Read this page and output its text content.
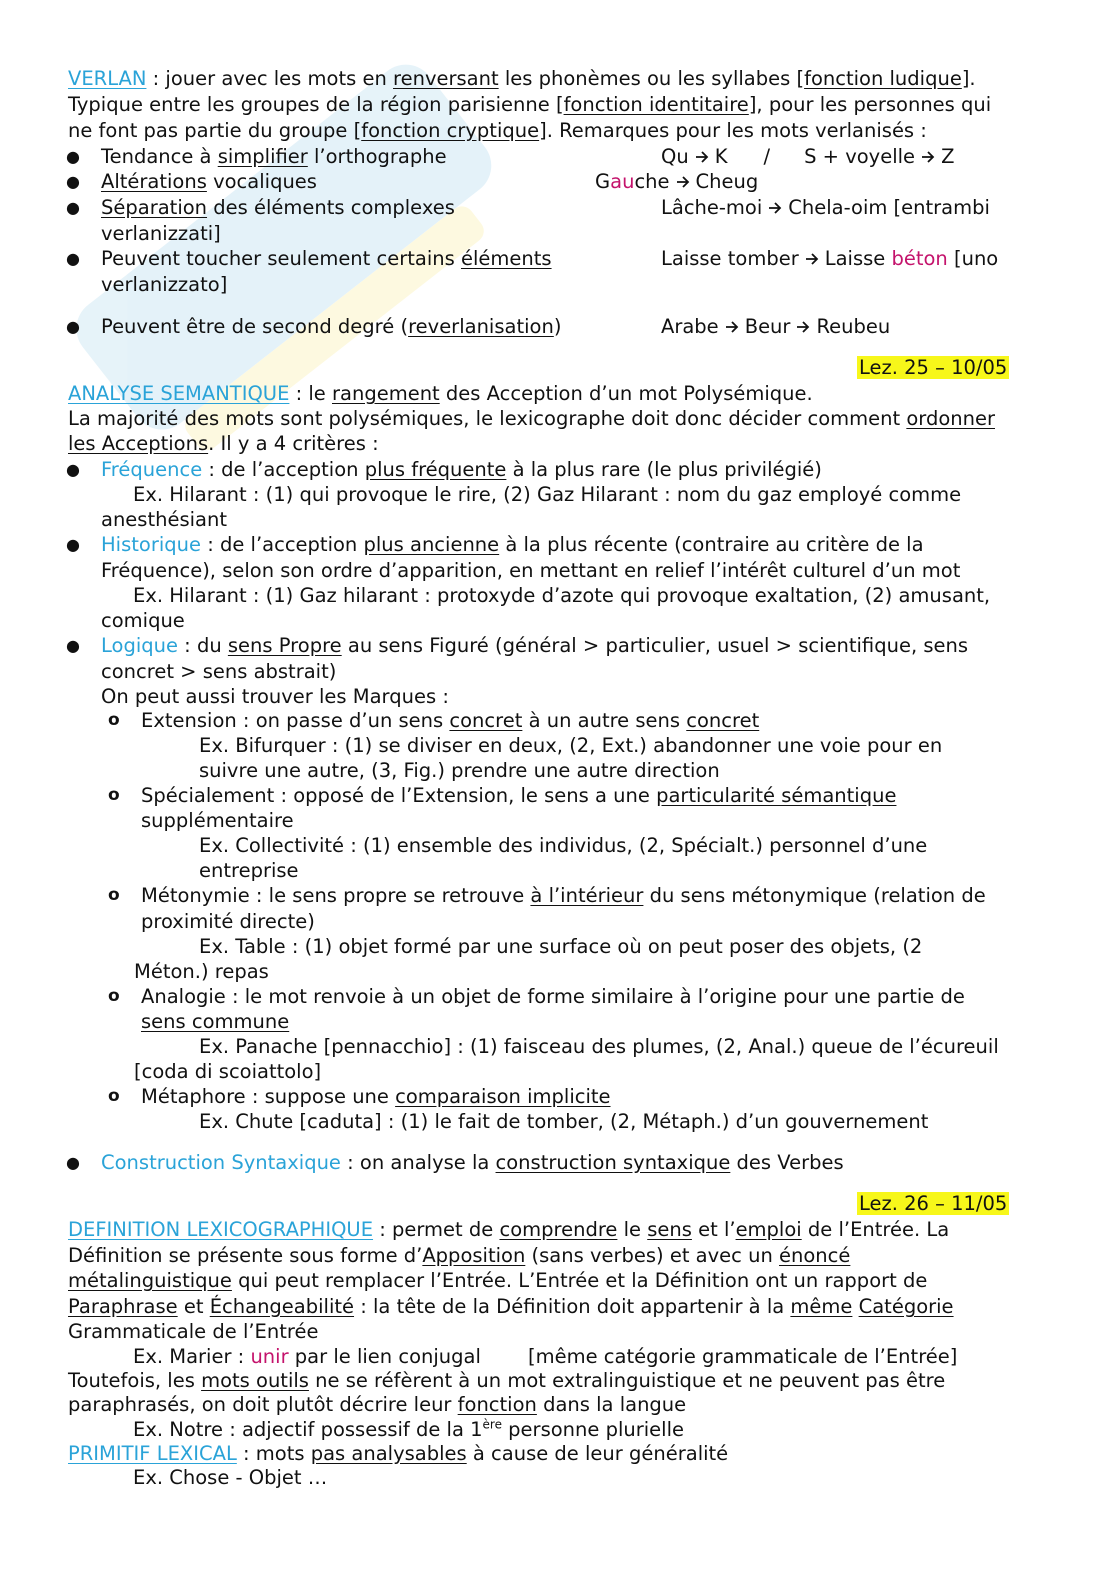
VERLAN : jouer avec les mots en renversant les phonèmes ou les syllabes [fonction ludique].
Typique entre les groupes de la région parisienne [fonction identitaire], pour les personnes qui
ne font pas partie du groupe [fonction cryptique]. Remarques pour les mots verlanisés :
● Tendance à simplifier l’orthographe	Qu K / S + voyelle Z
● Altérations vocaliques	Gauche Cheug
● Séparation des éléments complexes	Lâche-moi Chela-oim [entrambi
verlanizzati]
● Peuvent toucher seulement certains éléments	Laisse tomber Laisse béton [uno
verlanizzato]
● Peuvent être de second degré (reverlanisation)	Arabe Beur Reubeu
Lez. 25 – 10/05
ANALYSE SEMANTIQUE : le rangement des Acception d’un mot Polysémique.
La majorité des mots sont polysémiques, le lexicographe doit donc décider comment ordonner
les Acceptions. Il y a 4 critères :
● Fréquence : de l’acception plus fréquente à la plus rare (le plus privilégié)
Ex. Hilarant : (1) qui provoque le rire, (2) Gaz Hilarant : nom du gaz employé comme
anesthésiant
● Historique : de l’acception plus ancienne à la plus récente (contraire au critère de la
Fréquence), selon son ordre d’apparition, en mettant en relief l’intérêt culturel d’un mot
Ex. Hilarant : (1) Gaz hilarant : protoxyde d’azote qui provoque exaltation, (2) amusant,
comique
● Logique : du sens Propre au sens Figuré (général > particulier, usuel > scientifique, sens
concret > sens abstrait)
On peut aussi trouver les Marques :
o Extension : on passe d’un sens concret à un autre sens concret
Ex. Bifurquer : (1) se diviser en deux, (2, Ext.) abandonner une voie pour en
suivre une autre, (3, Fig.) prendre une autre direction
o Spécialement : opposé de l’Extension, le sens a une particularité sémantique
supplémentaire
Ex. Collectivité : (1) ensemble des individus, (2, Spécialt.) personnel d’une
entreprise
o Métonymie : le sens propre se retrouve à l’intérieur du sens métonymique (relation de
proximité directe)
Ex. Table : (1) objet formé par une surface où on peut poser des objets, (2
Méton.) repas
o Analogie : le mot renvoie à un objet de forme similaire à l’origine pour une partie de
sens commune
Ex. Panache [pennacchio] : (1) faisceau des plumes, (2, Anal.) queue de l’écureuil
[coda di scoiattolo]
o Métaphore : suppose une comparaison implicite
Ex. Chute [caduta] : (1) le fait de tomber, (2, Métaph.) d’un gouvernement
● Construction Syntaxique : on analyse la construction syntaxique des Verbes
Lez. 26 – 11/05
DEFINITION LEXICOGRAPHIQUE : permet de comprendre le sens et l’emploi de l’Entrée. La
Définition se présente sous forme d’Apposition (sans verbes) et avec un énoncé
métalinguistique qui peut remplacer l’Entrée. L’Entrée et la Définition ont un rapport de
Paraphrase et Échangeabilité : la tête de la Définition doit appartenir à la même Catégorie
Grammaticale de l’Entrée
Ex. Marier : unir par le lien conjugal [même catégorie grammaticale de l’Entrée]
Toutefois, les mots outils ne se réfèrent à un mot extralinguistique et ne peuvent pas être
paraphrasés, on doit plutôt décrire leur fonction dans la langue
Ex. Notre : adjectif possessif de la 1ère personne plurielle
PRIMITIF LEXICAL : mots pas analysables à cause de leur généralité
Ex. Chose - Objet …
